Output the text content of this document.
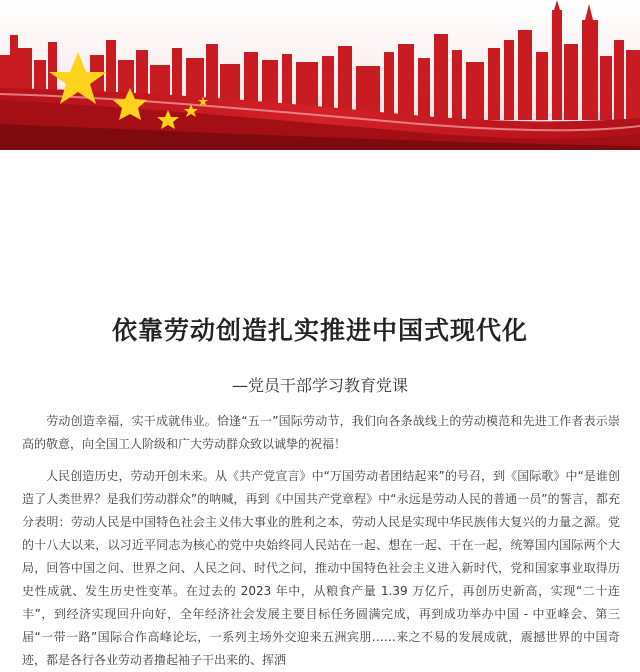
依靠劳动创造扎实推进中国式现代化
—党员干部学习教育党课

劳动创造幸福，实干成就伟业。恰逢“五一”国际劳动节，我们向各条战线上的劳动模范和先进工作者表示崇高的敬意，向全国工人阶级和广大劳动群众致以诚挚的祝福！

人民创造历史，劳动开创未来。从《共产党宣言》中“万国劳动者团结起来”的号召，到《国际歌》中“是谁创造了人类世界？是我们劳动群众”的呐喊，再到《中国共产党章程》中“永远是劳动人民的普通一员”的誓言，都充分表明：劳动人民是中国特色社会主义伟大事业的胜利之本，劳动人民是实现中华民族伟大复兴的力量之源。党的十八大以来，以习近平同志为核心的党中央始终同人民站在一起、想在一起、干在一起，统筹国内国际两个大局，回答中国之问、世界之问、人民之问、时代之问，推动中国特色社会主义进入新时代，党和国家事业取得历史性成就、发生历史性变革。在过去的 2023 年中，从粮食产量 1.39 万亿斤，再创历史新高，实现“二十连丰”，到经济实现回升向好，全年经济社会发展主要目标任务圆满完成，再到成功举办中国 - 中亚峰会、第三届“一带一路”国际合作高峰论坛，一系列主场外交迎来五洲宾朋……来之不易的发展成就，震撼世界的中国奇迹，都是各行各业劳动者撸起袖子干出来的、挥洒
